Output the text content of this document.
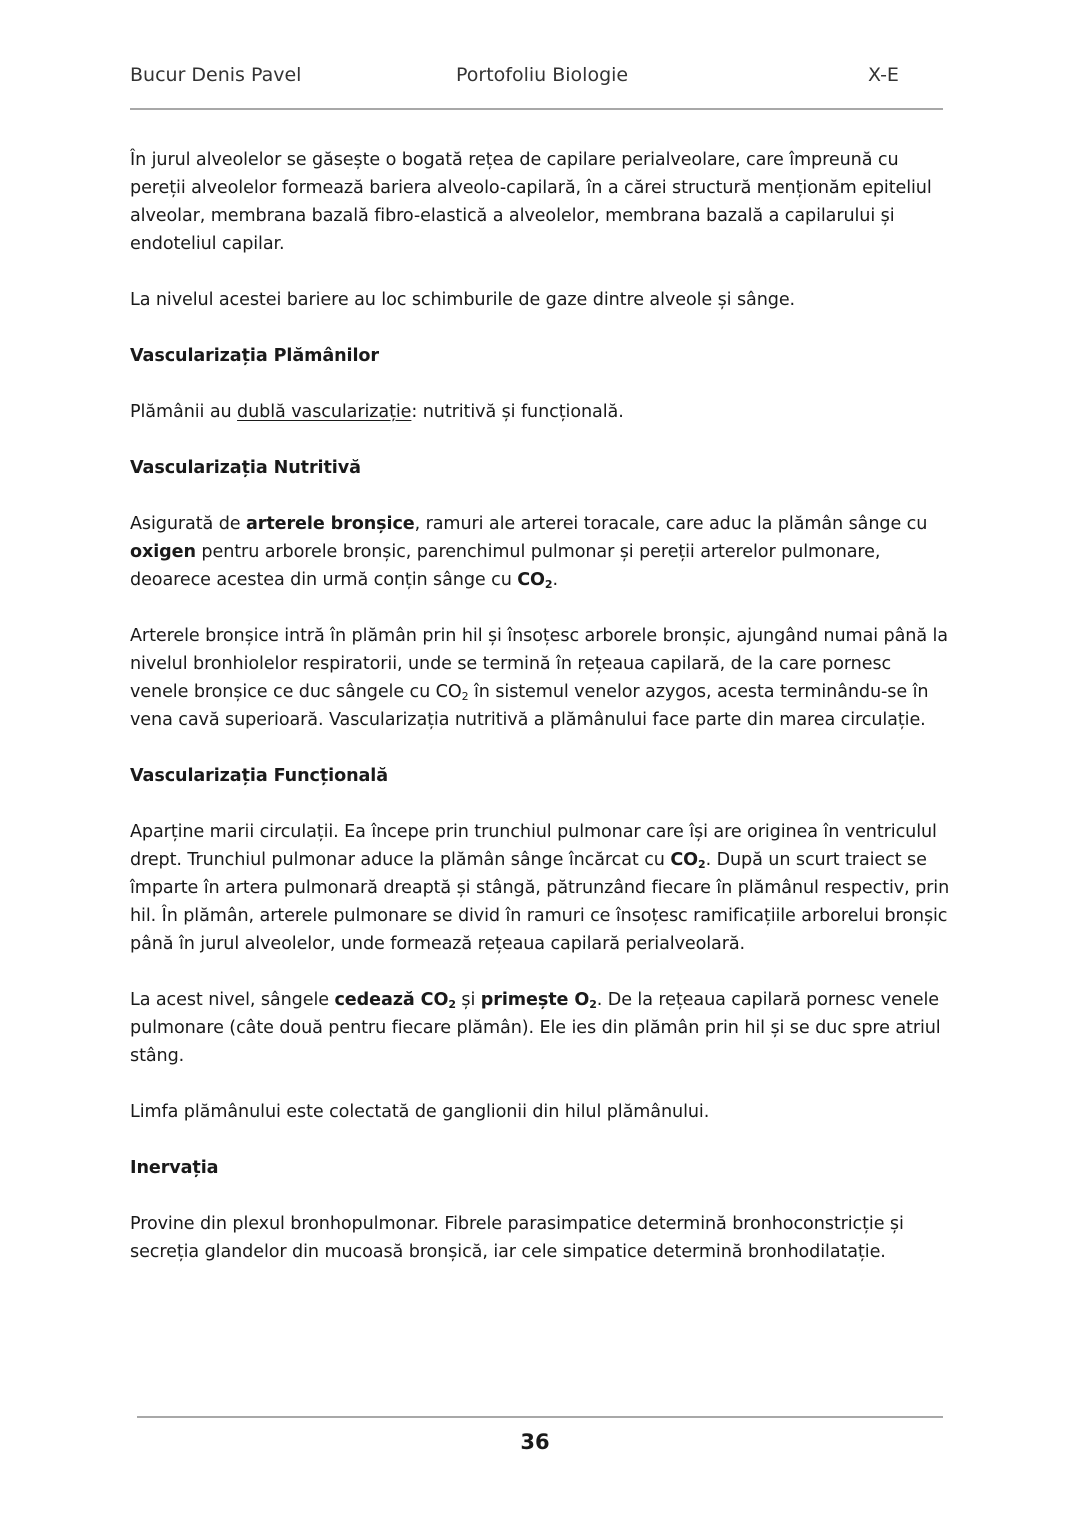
Bucur Denis Pavel	Portofoliu Biologie	X-E

În jurul alveolelor se găsește o bogată rețea de capilare perialveolare, care împreună cu pereții alveolelor formează bariera alveolo-capilară, în a cărei structură menționăm epiteliul alveolar, membrana bazală fibro-elastică a alveolelor, membrana bazală a capilarului și endoteliul capilar.

La nivelul acestei bariere au loc schimburile de gaze dintre alveole și sânge.

Vascularizația Plămânilor

Plămânii au dublă vascularizație: nutritivă și funcțională.

Vascularizația Nutritivă

Asigurată de arterele bronșice, ramuri ale arterei toracale, care aduc la plămân sânge cu oxigen pentru arborele bronșic, parenchimul pulmonar și pereții arterelor pulmonare, deoarece acestea din urmă conțin sânge cu $CO_2$.

Arterele bronșice intră în plămân prin hil și însoțesc arborele bronșic, ajungând numai până la nivelul bronhiolelor respiratorii, unde se termină în rețeaua capilară, de la care pornesc venele bronșice ce duc sângele cu $CO_2$ în sistemul venelor azygos, acesta terminându-se în vena cavă superioară. Vascularizația nutritivă a plămânului face parte din marea circulație.

Vascularizația Funcțională

Aparține marii circulații. Ea începe prin trunchiul pulmonar care își are originea în ventriculul drept. Trunchiul pulmonar aduce la plămân sânge încărcat cu $CO_2$. După un scurt traiect se împarte în artera pulmonară dreaptă și stângă, pătrunzând fiecare în plămânul respectiv, prin hil. În plămân, arterele pulmonare se divid în ramuri ce însoțesc ramificațiile arborelui bronșic până în jurul alveolelor, unde formează rețeaua capilară perialveolară.

La acest nivel, sângele cedează $CO_2$ și primește $O_2$. De la rețeaua capilară pornesc venele pulmonare (câte două pentru fiecare plămân). Ele ies din plămân prin hil și se duc spre atriul stâng.

Limfa plămânului este colectată de ganglionii din hilul plămânului.

Inervația

Provine din plexul bronhopulmonar. Fibrele parasimpatice determină bronhoconstricție și secreția glandelor din mucoasă bronșică, iar cele simpatice determină bronhodilatație.

36
